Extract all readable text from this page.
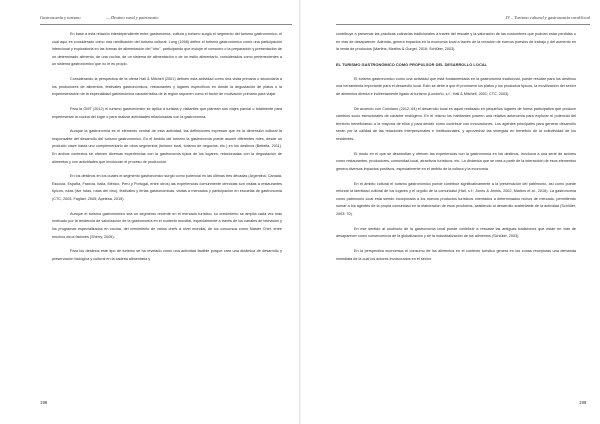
Gastronomía y turismo	— Destino rural y patrimonio

En base a esta relación interdependiente entre gastronomía, cultura y turismo surgió el segmento del turismo gastronómico, el cual aquí es considerado como una ramificación del turismo cultural. Long (1998) define el turismo gastronómico como una participación intencional y exploratoria en las formas de alimentación del "otro", participando que incluye el consumo o la preparación y presentación de un determinado alimento, de una cocina, de un sistema de alimentación o de un estilo alimentario, considerados como pertenecientes a un sistema gastronómico que no le es propio.

Considerando la perspectiva de la oferta Hall & Mitchell (2001) definen esta actividad como una visita primaria o secundaria a los productores de alimentos, festivales gastronómicos, restaurantes y lugares específicos en donde la degustación de platos o la experimentación de la especialidad gastronómica característica de la región suponen como el factor de motivación primario para viajar.

Para la OMT (2012) el turismo gastronómico se aplica a turistas y visitantes que planean sus viajes parcial o totalmente para experimentar la cocina del lugar o para realizar actividades relacionadas con la gastronomía.

Aunque la gastronomía es el elemento central de esta actividad, las definiciones expresan que es la dimensión cultural la responsable del desarrollo del turismo gastronómico. En el ámbito del turismo la gastronomía puede asumir diferentes roles, desde un producto clave hasta uno complementario de otros segmentos (turismo rural, turismo de negocios, etc.) en los destinos (Bettella, 2011). En ambos contextos se ofrecen diversas experiencias con la gastronomía típica de los lugares, relacionadas con la degustación de alimentos y con actividades que involucran el proceso de producción.

En los destinos en los cuales el segmento gastronómico surgió como potencial en las últimas tres décadas (Argentina, Canadá, Escocia, España, Francia, Italia, México, Perú y Portugal, entre otros) las experiencias comúnmente ofrecidas son visitas a restaurantes típicos, rutas (live rutas, rutas del vino), festivales y ferias gastronómicas, visitas a mercados y participación en escuelas de gastronomía (CTC, 2003; Fagliari, 2005; Apetesa, 2015).

Aunque el turismo gastronómico sea un segmento reciente en el mercado turístico, su crecimiento se amplía cada vez más motivado por la tendencia de valorización de la gastronomía en el contexto mundial, especialmente a través de los canales de televisión y los programas especializados en cocina, del crecimiento de varios chefs a nivel mundial, de los concursos como Máster Chef, entre muchos otros factores (Sherry, 2005).

Para los destinos este tipo de turismo se ha revelado como una actividad factible porque crea una dinámica de desarrollo y preservación biológica y cultural en la cadena alimentaria y

198
IV – Turismo cultural y gastronomía rural/local

contribuye a preservar las prácticas culinarias tradicionales a través del rescate y la valoración de las costumbres que podrían estar perdidas o en vías de desaparecer. Además, genera impactos en la economía local a través de la creación de nuevos puestos de trabajo y del aumento en la venta de productos (Martins, Martins & Gurgel, 2016; Schlüter, 2003).

EL TURISMO GASTRONÓMICO COMO PROPULSOR DEL DESARROLLO LOCAL

El turismo gastronómico como una actividad que está fundamentada en la gastronomía tradicional, puede resultar para los destinos una herramienta importante para el desarrollo local. Esto se debe a que él promueve los platos y los productos típicos, la movilización del sector de alimentos directa e indirectamente ligado al turismo (Londoño, s.f.; Hall & Mitchell, 2001; CTC, 2003).

De acuerdo con Coriolano (2012: 64) el desarrollo local es aquel realizado en pequeños lugares de forma participativa que produce cambios socio estructurales de carácter endógeno. En el mismo los habitantes poseen una relativa autonomía para explorar el potencial del territorio beneficiando a la mayoría de ellos y para decidir cómo contribuir con innovaciones. Los agentes principales para generar desarrollo serán por la calidad de las relaciones interpersonales e institucionales, y aprovechar las sinergias en beneficio de la colectividad de los residentes.

El modo en el que se desarrollan y ofrecen las experiencias con la gastronomía en los destinos, involucra a una serie de actores como restaurantes, productores, comunidad local, atractivos turísticos, etc. La dinámica que se crea a partir de la interacción de esos elementos genera diversos impactos positivos, especialmente en el ámbito de la cultura y la economía.

En el ámbito cultural el turismo gastronómico puede contribuir significativamente a la preservación del patrimonio, así como puede reforzar la identidad cultural de los lugares y el orgullo de la comunidad (Hall, s.f.; Jones & Jenkis, 2002; Martins et al., 2016). La gastronomía como patrimonio local está siendo incorporada a los nuevos productos turísticos orientados a determinados nichos de mercado, permitiendo sumar a los agentes de la propia comunidad en la elaboración de esos productos, asistiendo al desarrollo sustentable de la actividad (Schlüter, 2003: 70).

En ese sentido al usufructo de la gastronomía local puede contribuir a rescatar las antiguas tradiciones que están en vías de desaparecer como consecuencia de la globalización y de la industrialización de los alimentos (Schlüter, 2003).

En la perspectiva económica el consumo de los alimentos en el contexto turístico genera en las zonas receptoras una demanda inmediata de la cual los actores involucrados en el sector

199
